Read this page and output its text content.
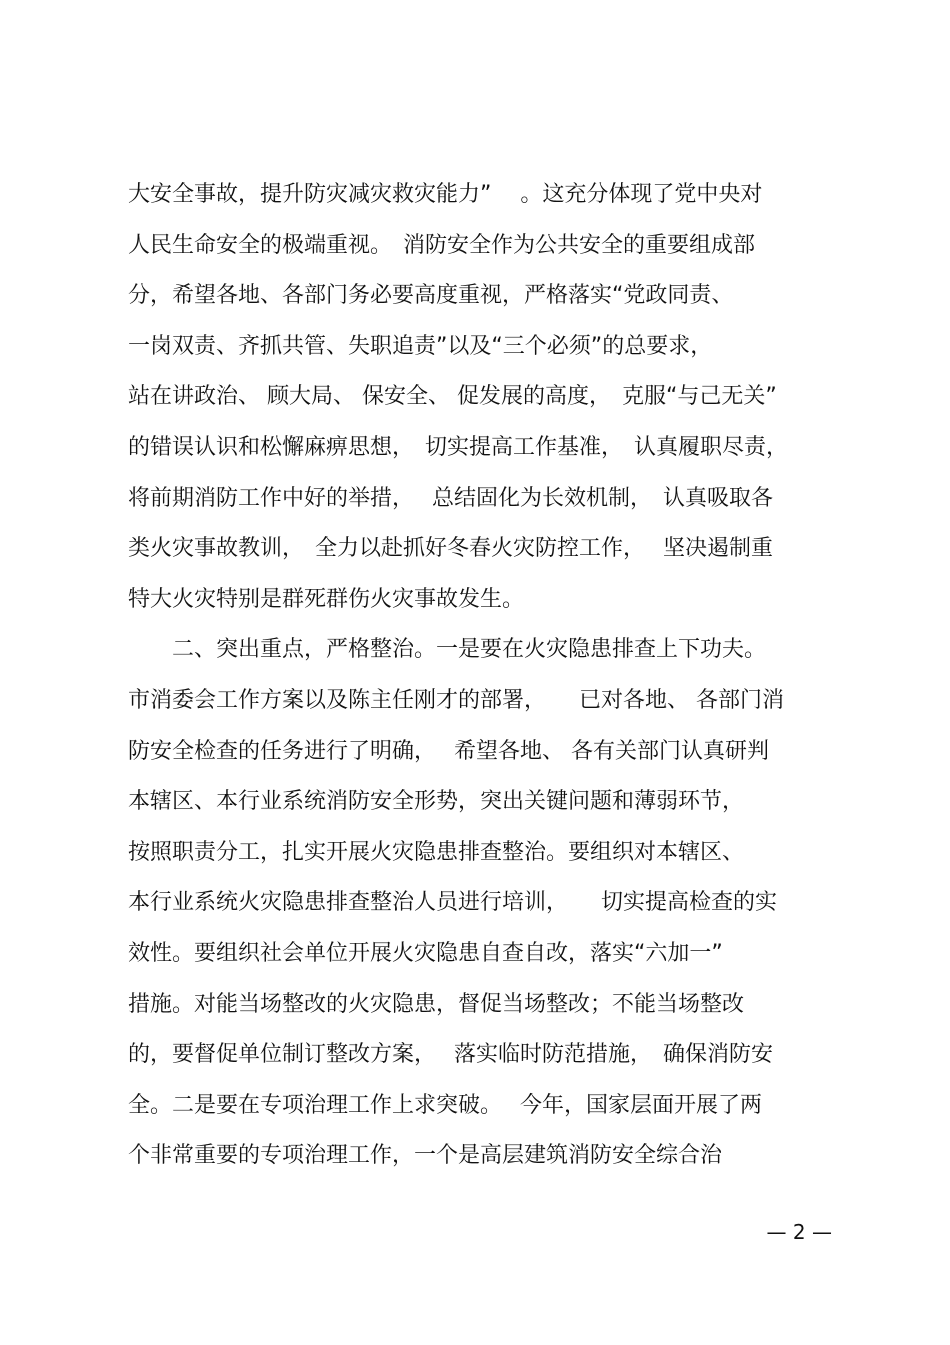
大安全事故，提升防灾减灾救灾能力”　 。这充分体现了党中央对
人民生命安全的极端重视。　消防安全作为公共安全的重要组成部
分，希望各地、各部门务必要高度重视，严格落实“党政同责、
一岗双责、齐抓共管、失职追责”以及“三个必须”的总要求，
站在讲政治、 顾大局、 保安全、 促发展的高度，　克服“与己无关”
的错误认识和松懈麻痹思想，　切实提高工作基准，　认真履职尽责，
将前期消防工作中好的举措，　 总结固化为长效机制，　认真吸取各
类火灾事故教训，　全力以赴抓好冬春火灾防控工作，　 坚决遏制重
特大火灾特别是群死群伤火灾事故发生。
　　二、突出重点，严格整治。一是要在火灾隐患排查上下功夫。
市消委会工作方案以及陈主任刚才的部署，　　已对各地、 各部门消
防安全检查的任务进行了明确，　 希望各地、 各有关部门认真研判
本辖区、本行业系统消防安全形势，突出关键问题和薄弱环节，
按照职责分工，扎实开展火灾隐患排查整治。要组织对本辖区、
本行业系统火灾隐患排查整治人员进行培训，　　切实提高检查的实
效性。要组织社会单位开展火灾隐患自查自改，落实“六加一”
措施。对能当场整改的火灾隐患，督促当场整改；不能当场整改
的，要督促单位制订整改方案，　 落实临时防范措施，　确保消防安
全。二是要在专项治理工作上求突破。　 今年，国家层面开展了两
个非常重要的专项治理工作，一个是高层建筑消防安全综合治
— 2 —
